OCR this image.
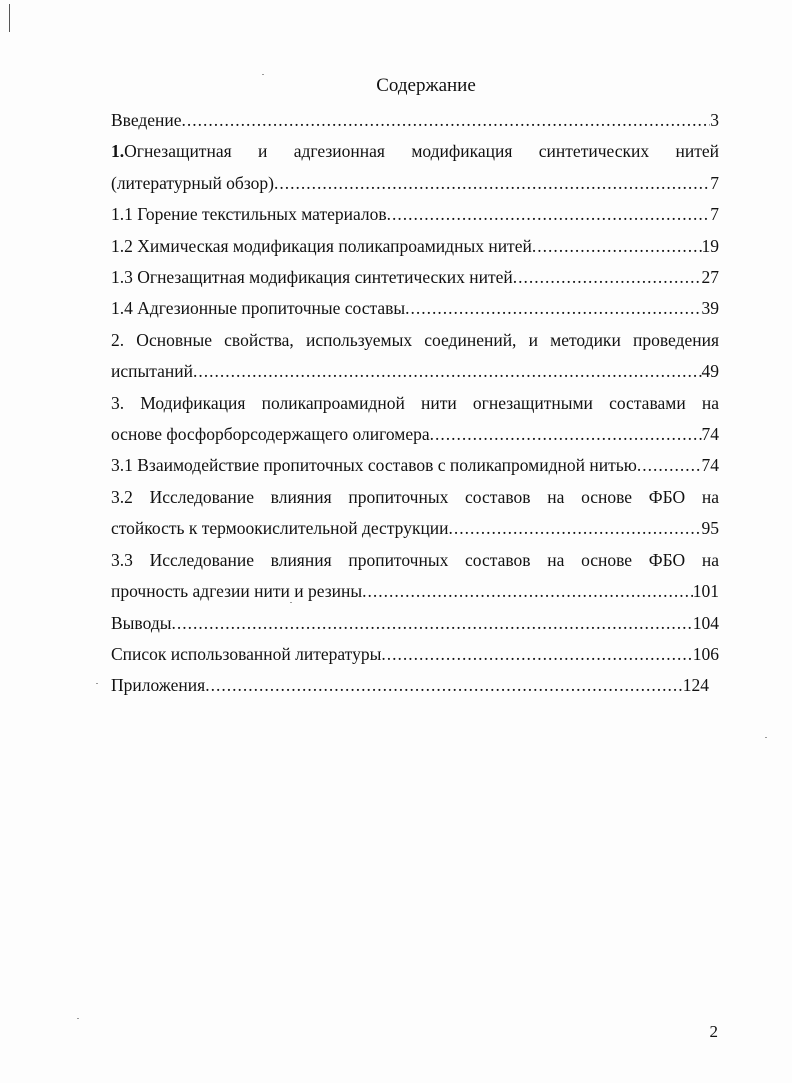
Содержание
Введение .....	3
1.Огнезащитная и адгезионная модификация синтетических нитей
(литературный обзор) .....	7
1.1 Горение текстильных материалов .....	7
1.2 Химическая модификация поликапроамидных нитей .....	19
1.3 Огнезащитная модификация синтетических нитей .....	27
1.4 Адгезионные пропиточные составы .....	39
2. Основные свойства, используемых соединений, и методики проведения
испытаний .....	49
3. Модификация поликапроамидной нити огнезащитными составами на
основе фосфорборсодержащего олигомера .....	74
3.1 Взаимодействие пропиточных составов с поликапромидной нитью .....	74
3.2 Исследование влияния пропиточных составов на основе ФБО на
стойкость к термоокислительной деструкции .....	95
3.3 Исследование влияния пропиточных составов на основе ФБО на
прочность адгезии нити и резины .....	101
Выводы .....	104
Список использованной литературы .....	106
Приложения .....	124
2
